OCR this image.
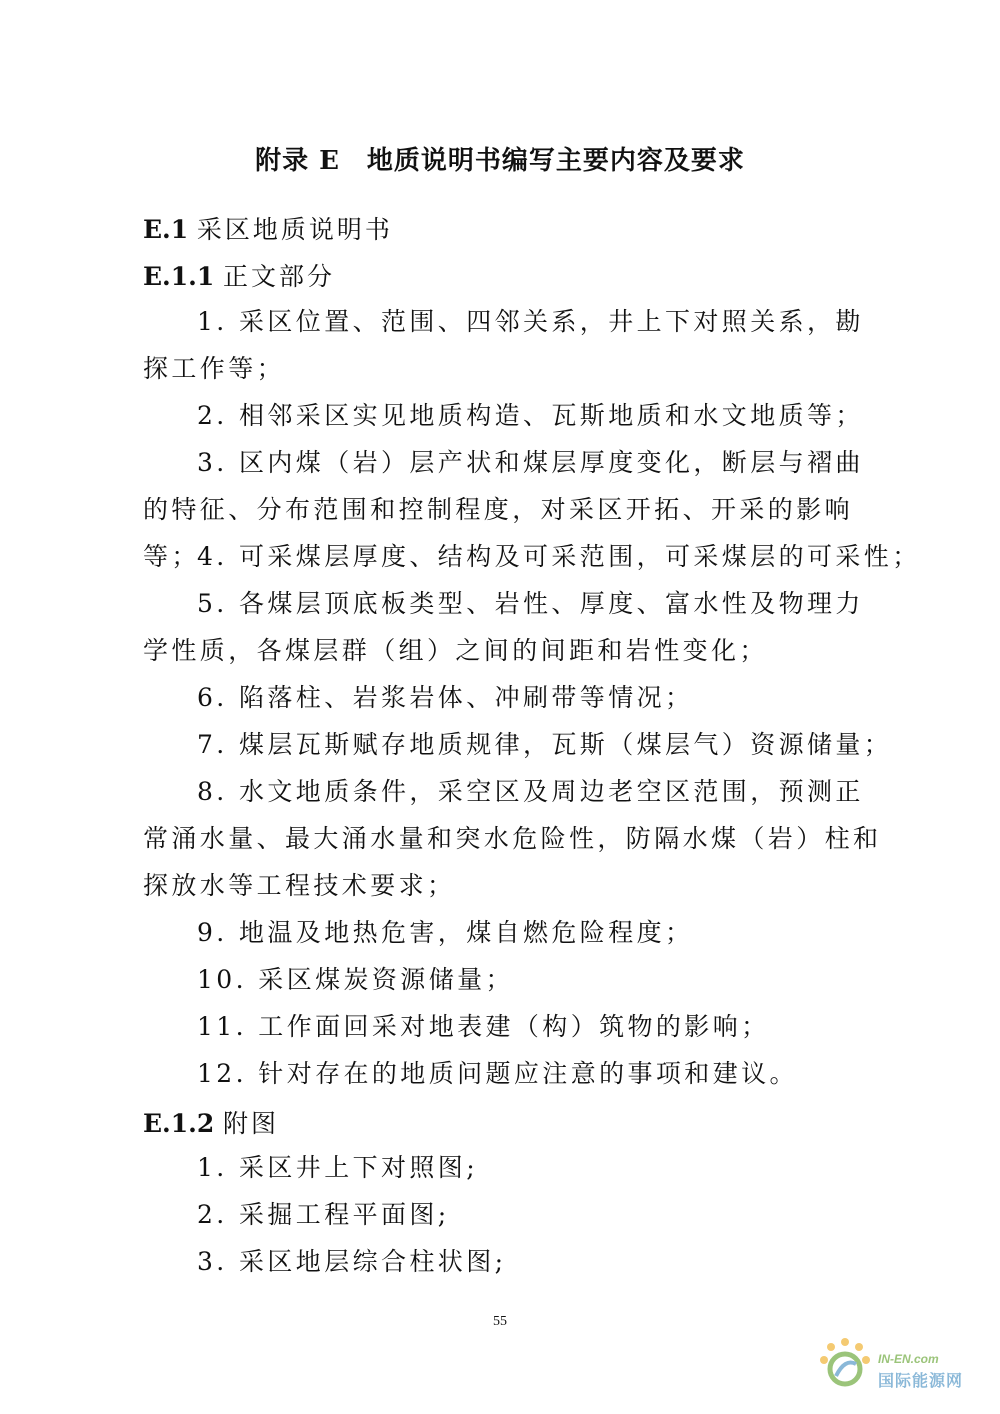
附录 E　地质说明书编写主要内容及要求
E.1 采区地质说明书
E.1.1 正文部分

1. 采区位置、范围、四邻关系，井上下对照关系，勘探工作等；

2. 相邻采区实见地质构造、瓦斯地质和水文地质等；

3. 区内煤（岩）层产状和煤层厚度变化，断层与褶曲的特征、分布范围和控制程度，对采区开拓、开采的影响等；

4. 可采煤层厚度、结构及可采范围，可采煤层的可采性；

5. 各煤层顶底板类型、岩性、厚度、富水性及物理力学性质，各煤层群（组）之间的间距和岩性变化；

6. 陷落柱、岩浆岩体、冲刷带等情况；

7. 煤层瓦斯赋存地质规律，瓦斯（煤层气）资源储量；

8. 水文地质条件，采空区及周边老空区范围，预测正常涌水量、最大涌水量和突水危险性，防隔水煤（岩）柱和探放水等工程技术要求；

9. 地温及地热危害，煤自燃危险程度；

10. 采区煤炭资源储量；

11. 工作面回采对地表建（构）筑物的影响；

12. 针对存在的地质问题应注意的事项和建议。

E.1.2 附图

1. 采区井上下对照图;

2. 采掘工程平面图;

3. 采区地层综合柱状图;

55
IN-EN.com
国际能源网
